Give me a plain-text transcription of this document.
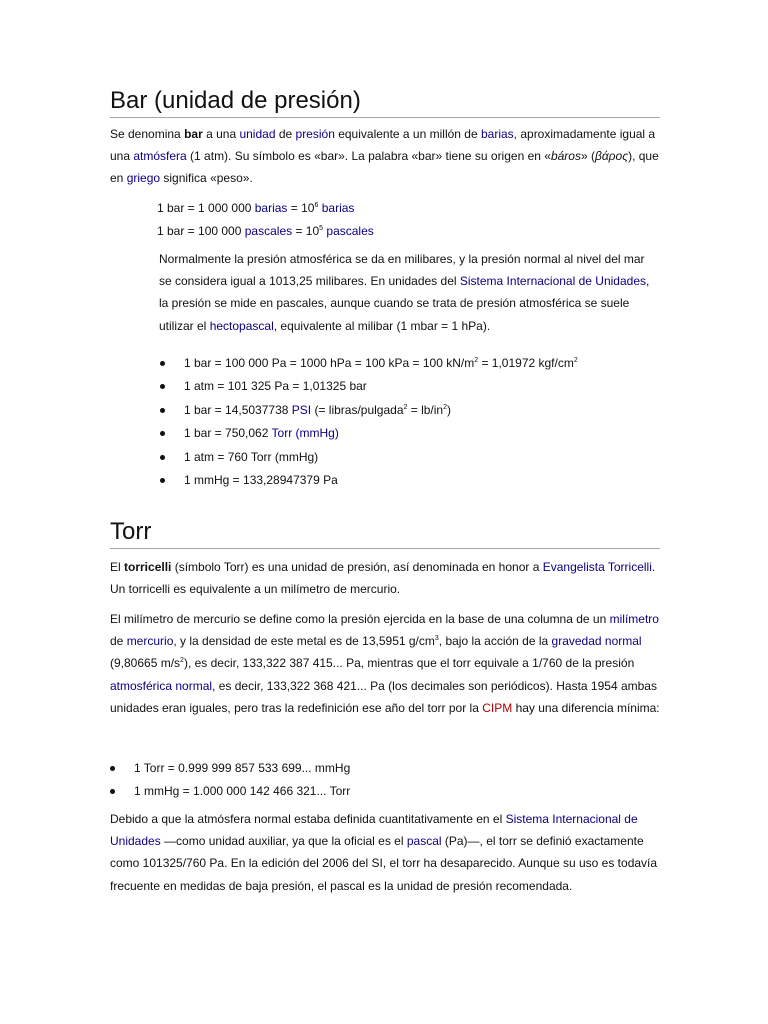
Bar (unidad de presión)

Se denomina bar a una unidad de presión equivalente a un millón de barias, aproximadamente igual a una atmósfera (1 atm). Su símbolo es «bar». La palabra «bar» tiene su origen en «báros» (βάρος), que en griego significa «peso».

1 bar = 1 000 000 barias = $10^6$ barias
1 bar = 100 000 pascales = $10^5$ pascales

Normalmente la presión atmosférica se da en milibares, y la presión normal al nivel del mar se considera igual a 1013,25 milibares. En unidades del Sistema Internacional de Unidades, la presión se mide en pascales, aunque cuando se trata de presión atmosférica se suele utilizar el hectopascal, equivalente al milibar (1 mbar = 1 hPa).

1 bar = 100 000 Pa = 1000 hPa = 100 kPa = 100 $kN/m^2 = 1,01972$ kgf/$cm^2$
1 atm = 101 325 Pa = 1,01325 bar
1 bar = 14,5037738 PSI (= libras/pulgada$^2$ = $lb/in^2$)
1 bar = 750,062 Torr (mmHg)
1 atm = 760 Torr (mmHg)
1 mmHg = 133,28947379 Pa
Torr

El torricelli (símbolo Torr) es una unidad de presión, así denominada en honor a Evangelista Torricelli. Un torricelli es equivalente a un milímetro de mercurio.

El milímetro de mercurio se define como la presión ejercida en la base de una columna de un milímetro de mercurio, y la densidad de este metal es de 13,5951 $g/cm^3$, bajo la acción de la gravedad normal (9,80665 $m/s^2$), es decir, 133,322 387 415... Pa, mientras que el torr equivale a 1/760 de la presión atmosférica normal, es decir, 133,322 368 421... Pa (los decimales son periódicos). Hasta 1954 ambas unidades eran iguales, pero tras la redefinición ese año del torr por la CIPM hay una diferencia mínima:

1 Torr = 0.999 999 857 533 699... mmHg
1 mmHg = 1.000 000 142 466 321... Torr

Debido a que la atmósfera normal estaba definida cuantitativamente en el Sistema Internacional de Unidades —como unidad auxiliar, ya que la oficial es el pascal (Pa)—, el torr se definió exactamente como 101325/760 Pa. En la edición del 2006 del SI, el torr ha desaparecido. Aunque su uso es todavía frecuente en medidas de baja presión, el pascal es la unidad de presión recomendada.
